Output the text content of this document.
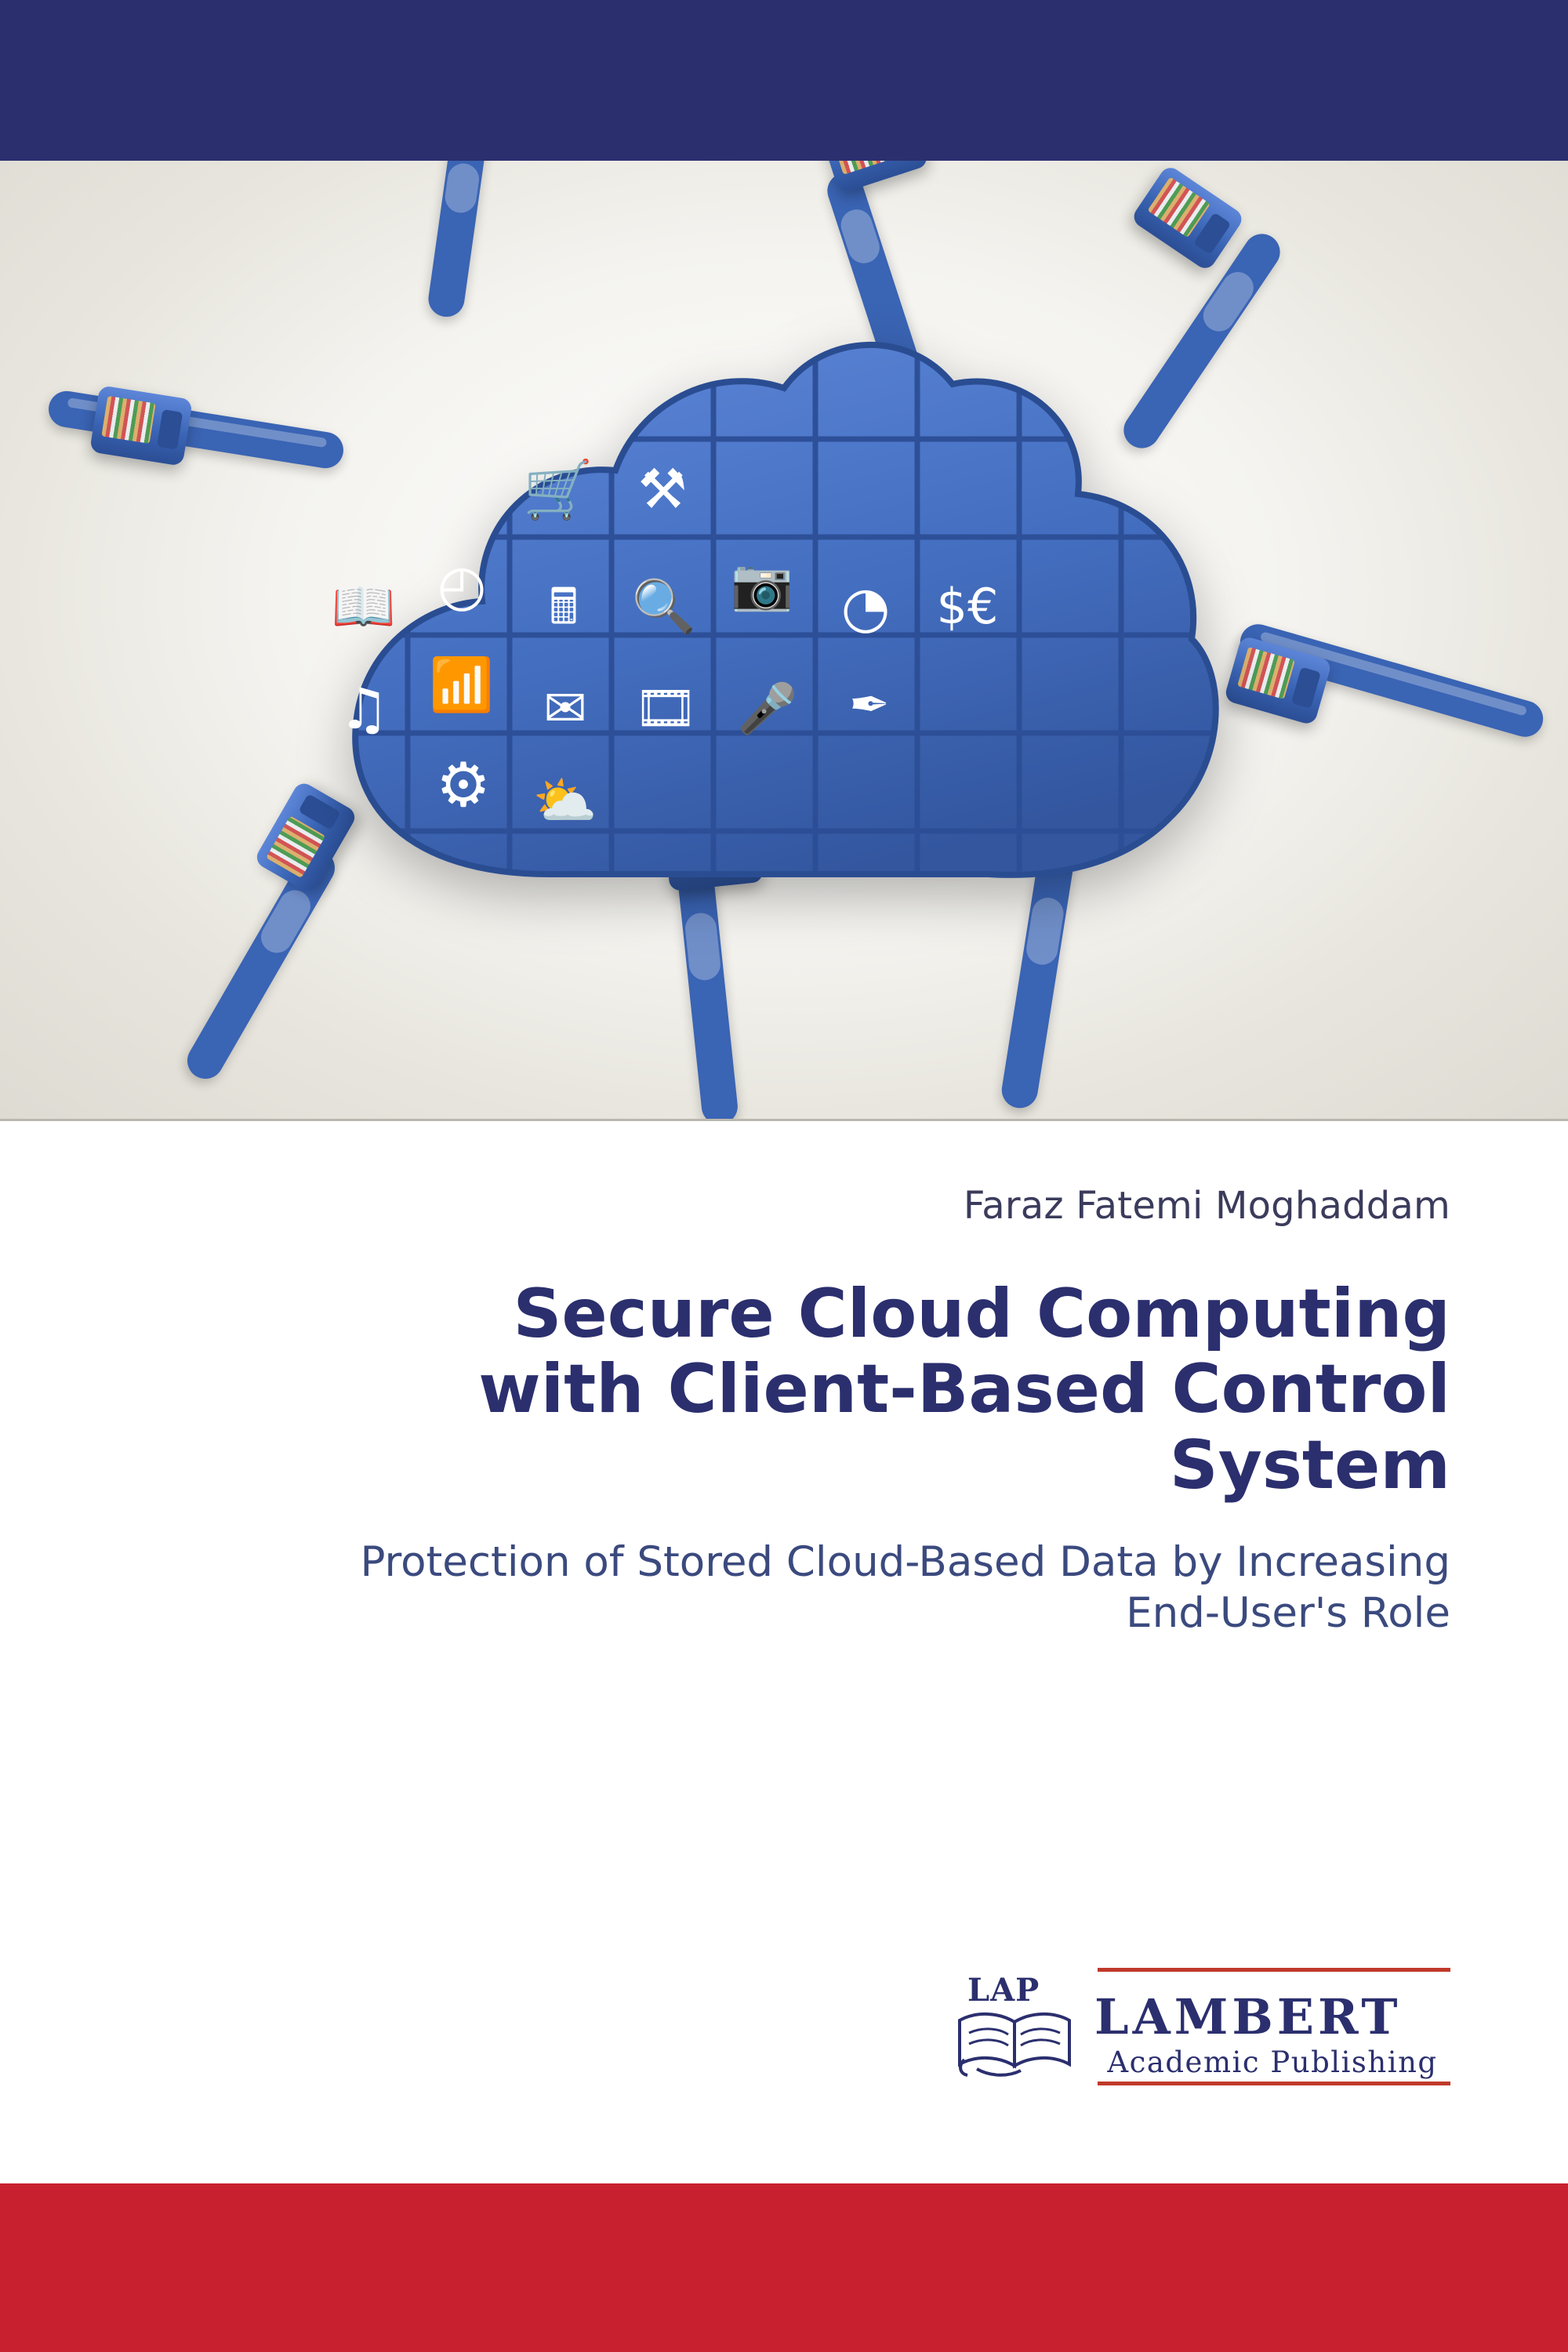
🛒 ⚒
◴	📷
📖	🖩	🔍	◔ $€
📶
♫	✉ 🎞 🎤	✒
⚙ ⛅
Faraz Fatemi Moghaddam
Secure Cloud Computing
with Client-Based Control
System
Protection of Stored Cloud-Based Data by Increasing
End-User's Role
LAP LAMBERT
Academic Publishing
